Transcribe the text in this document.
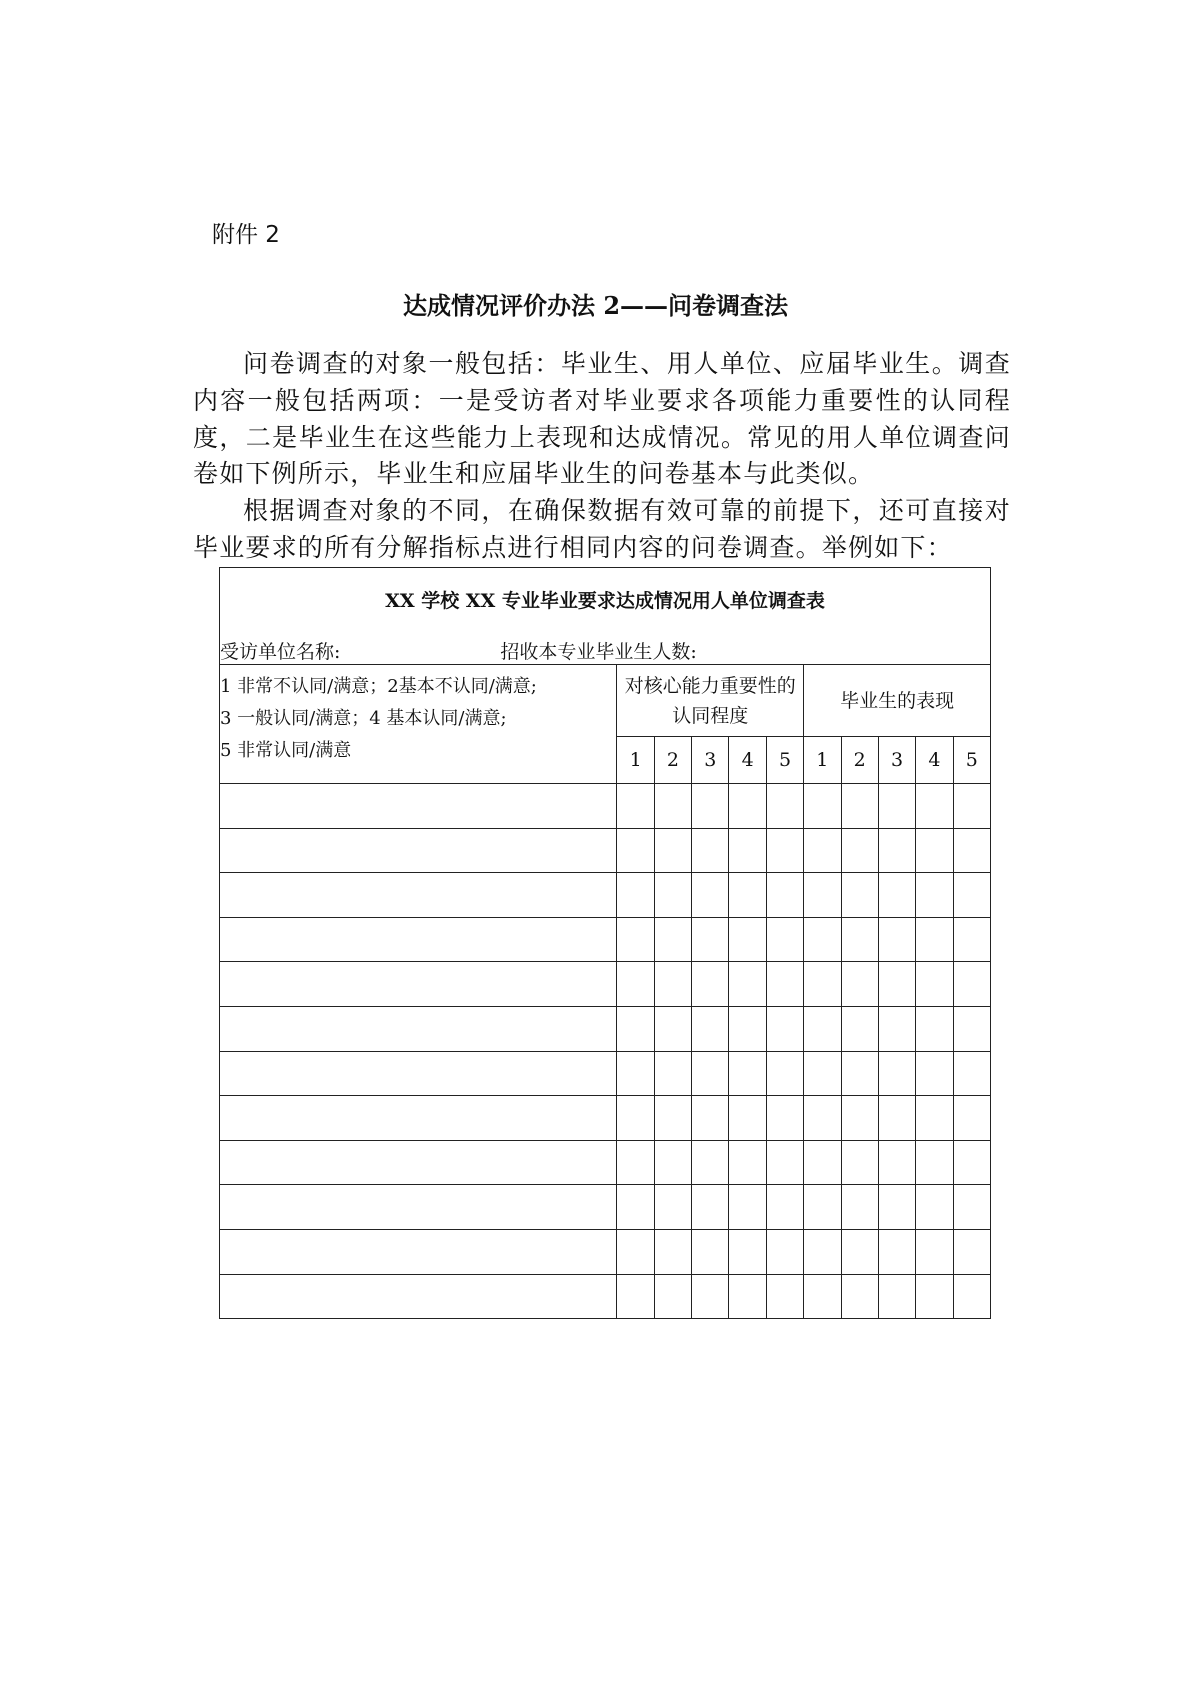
附件 2
达成情况评价办法 2——问卷调查法

问卷调查的对象一般包括：毕业生、用人单位、应届毕业生。调查内容一般包括两项：一是受访者对毕业要求各项能力重要性的认同程度，二是毕业生在这些能力上表现和达成情况。常见的用人单位调查问卷如下例所示，毕业生和应届毕业生的问卷基本与此类似。

根据调查对象的不同，在确保数据有效可靠的前提下，还可直接对毕业要求的所有分解指标点进行相同内容的问卷调查。举例如下：

XX 学校 XX 专业毕业要求达成情况用人单位调查表
受访单位名称: 招收本专业毕业生人数:										

1 非常不认同/满意；2基本不认同/满意;
3 一般认同/满意；4 基本认同/满意;
5 非常认同/满意	对核心能力重要性的认同程度					毕业生的表现				
	1	2	3	4	5	1	2	3	4	5
